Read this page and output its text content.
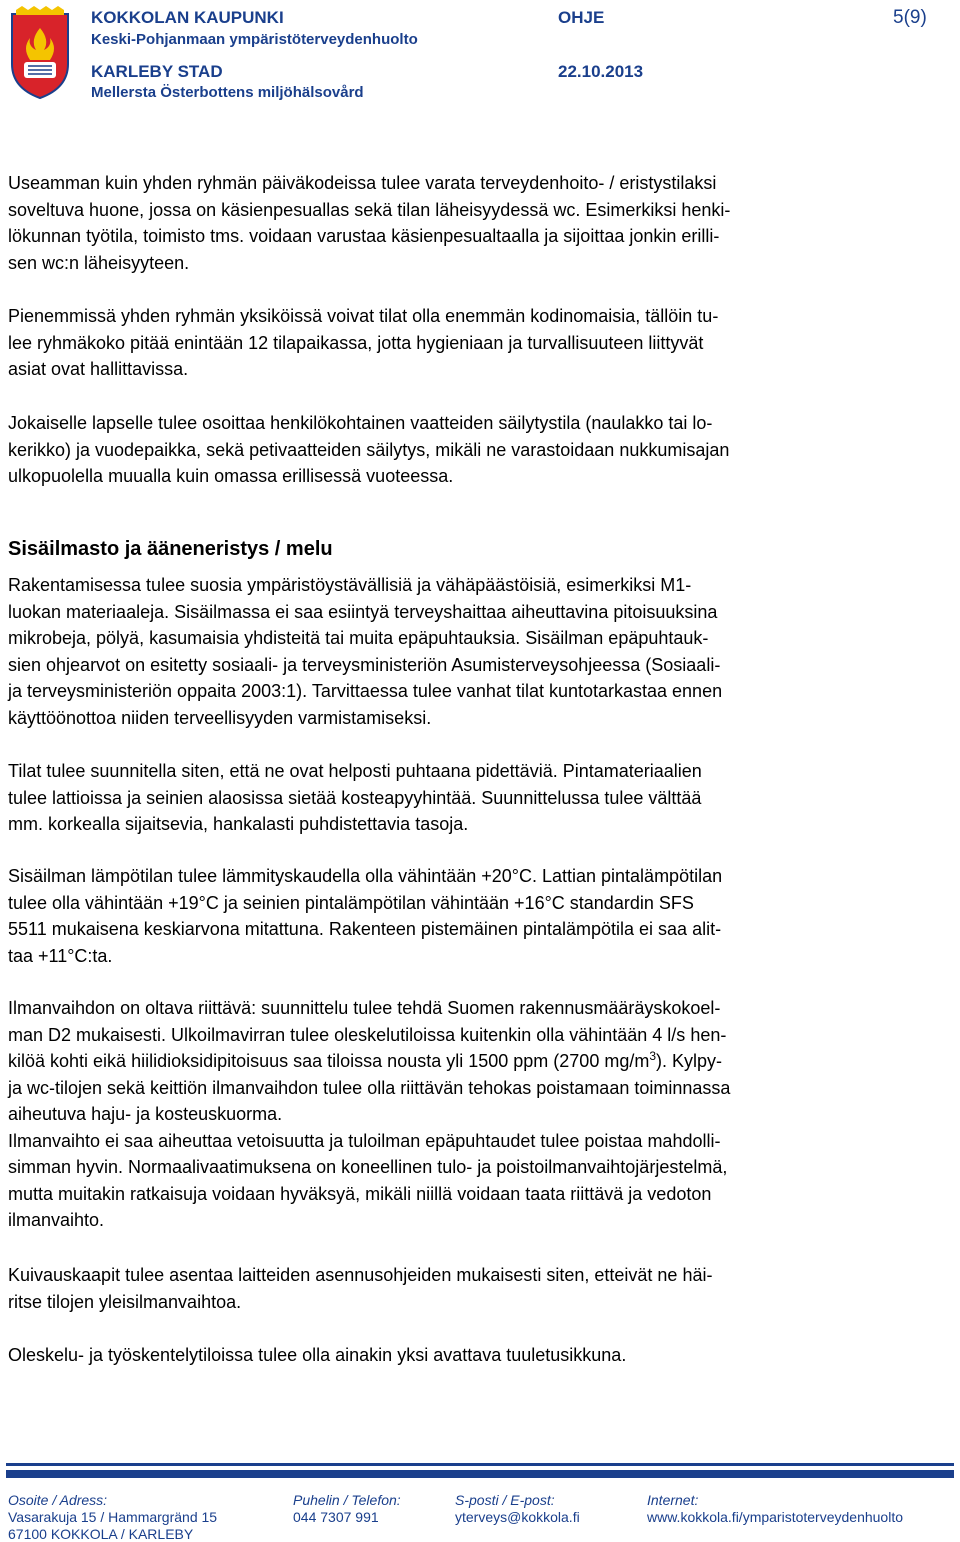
KOKKOLAN KAUPUNKI
Keski-Pohjanmaan ympäristöterveydenhuolto
KARLEBY STAD
Mellersta Österbottens miljöhälsovård
OHJE
22.10.2013
5(9)

Useamman kuin yhden ryhmän päiväkodeissa tulee varata terveydenhoito- / eristystilaksi
soveltuva huone, jossa on käsienpesuallas sekä tilan läheisyydessä wc. Esimerkiksi henki-
lökunnan työtila, toimisto tms. voidaan varustaa käsienpesualtaalla ja sijoittaa jonkin erilli-
sen wc:n läheisyyteen.

Pienemmissä yhden ryhmän yksiköissä voivat tilat olla enemmän kodinomaisia, tällöin tu-
lee ryhmäkoko pitää enintään 12 tilapaikassa, jotta hygieniaan ja turvallisuuteen liittyvät
asiat ovat hallittavissa.

Jokaiselle lapselle tulee osoittaa henkilökohtainen vaatteiden säilytystila (naulakko tai lo-
kerikko) ja vuodepaikka, sekä petivaatteiden säilytys, mikäli ne varastoidaan nukkumisajan
ulkopuolella muualla kuin omassa erillisessä vuoteessa.

Sisäilmasto ja ääneneristys / melu

Rakentamisessa tulee suosia ympäristöystävällisiä ja vähäpäästöisiä, esimerkiksi M1-
luokan materiaaleja. Sisäilmassa ei saa esiintyä terveyshaittaa aiheuttavina pitoisuuksina
mikrobeja, pölyä, kasumaisia yhdisteitä tai muita epäpuhtauksia. Sisäilman epäpuhtauk-
sien ohjearvot on esitetty sosiaali- ja terveysministeriön Asumisterveysohjeessa (Sosiaali-
ja terveysministeriön oppaita 2003:1). Tarvittaessa tulee vanhat tilat kuntotarkastaa ennen
käyttöönottoa niiden terveellisyyden varmistamiseksi.

Tilat tulee suunnitella siten, että ne ovat helposti puhtaana pidettäviä. Pintamateriaalien
tulee lattioissa ja seinien alaosissa sietää kosteapyyhintää. Suunnittelussa tulee välttää
mm. korkealla sijaitsevia, hankalasti puhdistettavia tasoja.

Sisäilman lämpötilan tulee lämmityskaudella olla vähintään +20°C. Lattian pintalämpötilan
tulee olla vähintään +19°C ja seinien pintalämpötilan vähintään +16°C standardin SFS
5511 mukaisena keskiarvona mitattuna. Rakenteen pistemäinen pintalämpötila ei saa alit-
taa +11°C:ta.

Ilmanvaihdon on oltava riittävä: suunnittelu tulee tehdä Suomen rakennusmääräyskokoel-
man D2 mukaisesti. Ulkoilmavirran tulee oleskelutiloissa kuitenkin olla vähintään 4 l/s hen-
kilöä kohti eikä hiilidioksidipitoisuus saa tiloissa nousta yli 1500 ppm (2700 $mg/m^3$). Kylpy-
ja wc-tilojen sekä keittiön ilmanvaihdon tulee olla riittävän tehokas poistamaan toiminnassa
aiheutuva haju- ja kosteuskuorma.
Ilmanvaihto ei saa aiheuttaa vetoisuutta ja tuloilman epäpuhtaudet tulee poistaa mahdolli-
simman hyvin. Normaalivaatimuksena on koneellinen tulo- ja poistoilmanvaihtojärjestelmä,
mutta muitakin ratkaisuja voidaan hyväksyä, mikäli niillä voidaan taata riittävä ja vedoton
ilmanvaihto.

Kuivauskaapit tulee asentaa laitteiden asennusohjeiden mukaisesti siten, etteivät ne häi-
ritse tilojen yleisilmanvaihtoa.

Oleskelu- ja työskentelytiloissa tulee olla ainakin yksi avattava tuuletusikkuna.

Osoite / Adress:
Vasarakuja 15 / Hammargränd 15
67100 KOKKOLA / KARLEBY
Puhelin / Telefon:
044 7307 991
S-posti / E-post:
yterveys@kokkola.fi
Internet:
www.kokkola.fi/ymparistoterveydenhuolto
